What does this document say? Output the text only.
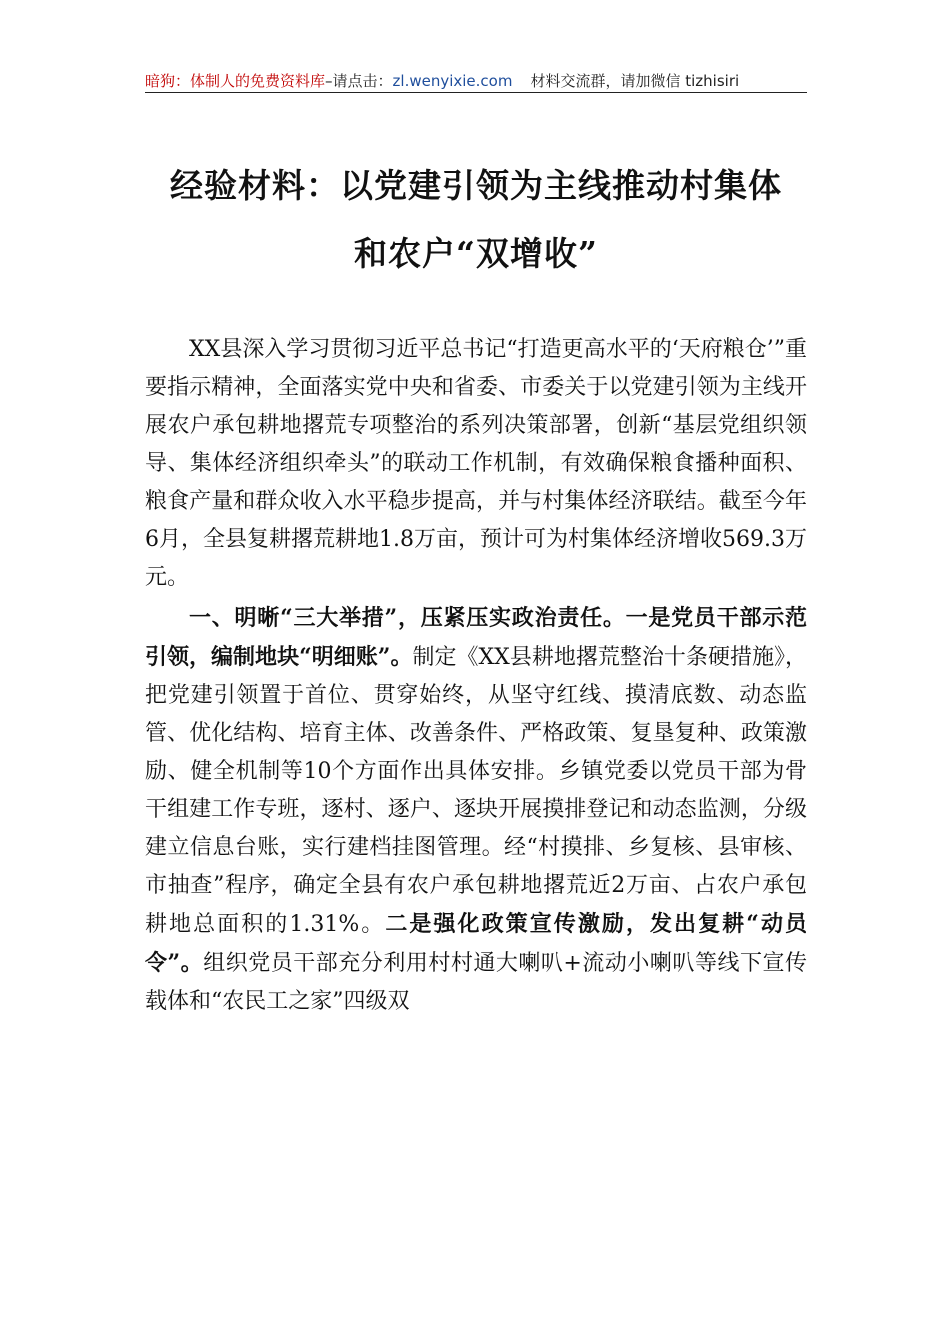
暗狗：体制人的免费资料库–请点击：zl.wenyixie.com 材料交流群，请加微信 tizhisiri
经验材料：以党建引领为主线推动村集体
和农户“双增收”

XX县深入学习贯彻习近平总书记“打造更高水平的‘天府粮仓’”重要指示精神，全面落实党中央和省委、市委关于以党建引领为主线开展农户承包耕地撂荒专项整治的系列决策部署，创新“基层党组织领导、集体经济组织牵头”的联动工作机制，有效确保粮食播种面积、粮食产量和群众收入水平稳步提高，并与村集体经济联结。截至今年6月，全县复耕撂荒耕地1.8万亩，预计可为村集体经济增收569.3万元。

一、明晰“三大举措”，压紧压实政治责任。一是党员干部示范引领，编制地块“明细账”。制定《XX县耕地撂荒整治十条硬措施》，把党建引领置于首位、贯穿始终，从坚守红线、摸清底数、动态监管、优化结构、培育主体、改善条件、严格政策、复垦复种、政策激励、健全机制等10个方面作出具体安排。乡镇党委以党员干部为骨干组建工作专班，逐村、逐户、逐块开展摸排登记和动态监测，分级建立信息台账，实行建档挂图管理。经“村摸排、乡复核、县审核、市抽查”程序，确定全县有农户承包耕地撂荒近2万亩、占农户承包耕地总面积的1.31%。二是强化政策宣传激励，发出复耕“动员令”。组织党员干部充分利用村村通大喇叭+流动小喇叭等线下宣传载体和“农民工之家”四级双
